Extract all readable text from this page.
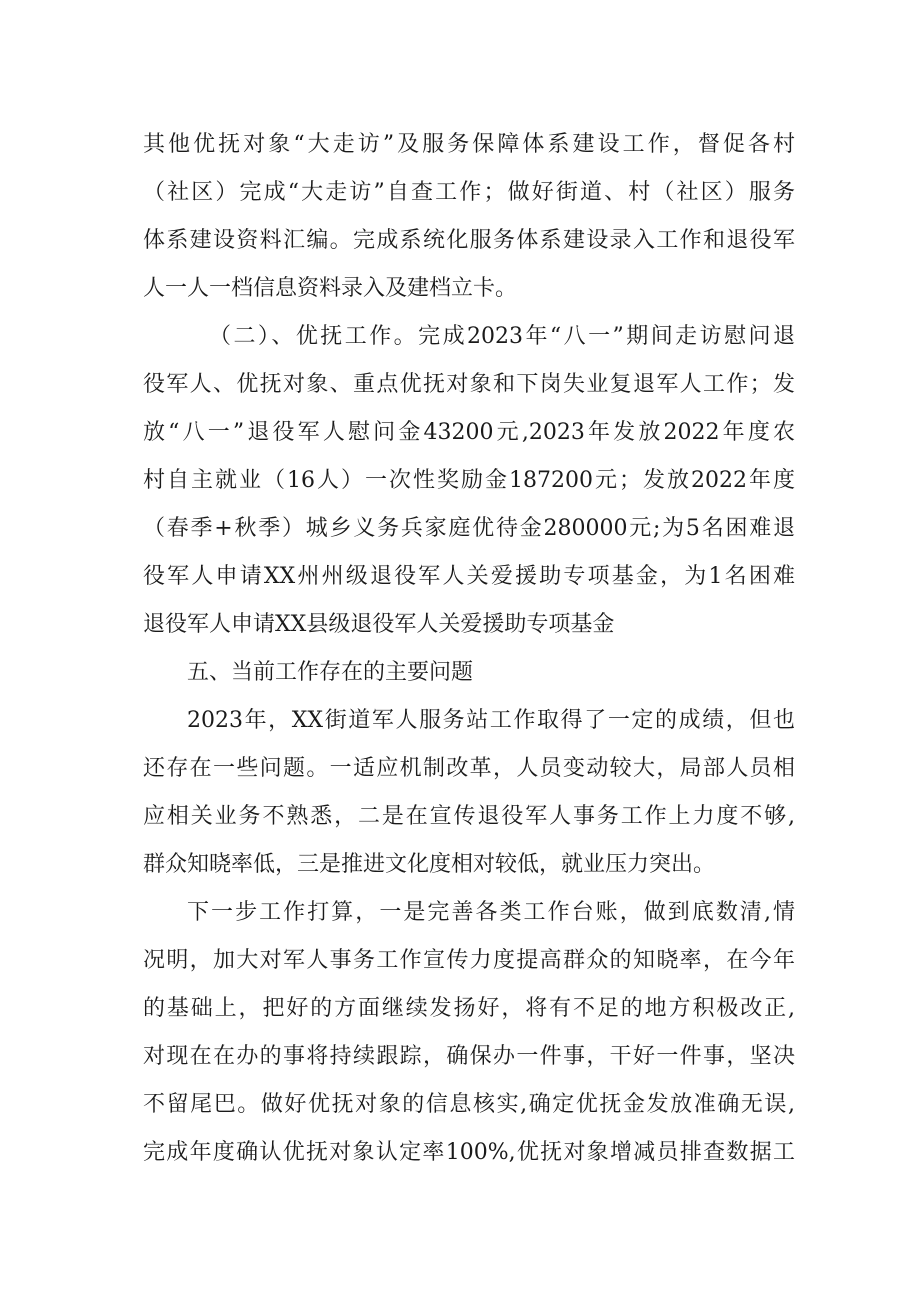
其他优抚对象“大走访”及服务保障体系建设工作，督促各村
（社区）完成“大走访”自查工作；做好街道、村（社区）服务
体系建设资料汇编。完成系统化服务体系建设录入工作和退役军
人一人一档信息资料录入及建档立卡。
（二）、优抚工作。完成2023年“八一”期间走访慰问退
役军人、优抚对象、重点优抚对象和下岗失业复退军人工作；发
放“八一”退役军人慰问金43200元,2023年发放2022年度农
村自主就业（16人）一次性奖励金187200元；发放2022年度
（春季+秋季）城乡义务兵家庭优待金280000元;为5名困难退
役军人申请XX州州级退役军人关爱援助专项基金，为1名困难
退役军人申请XX县级退役军人关爱援助专项基金
五、当前工作存在的主要问题
2023年，XX街道军人服务站工作取得了一定的成绩，但也
还存在一些问题。一适应机制改革，人员变动较大，局部人员相
应相关业务不熟悉，二是在宣传退役军人事务工作上力度不够,
群众知晓率低，三是推进文化度相对较低，就业压力突出。
下一步工作打算，一是完善各类工作台账，做到底数清,情
况明，加大对军人事务工作宣传力度提高群众的知晓率，在今年
的基础上，把好的方面继续发扬好，将有不足的地方积极改正,
对现在在办的事将持续跟踪，确保办一件事，干好一件事，坚决
不留尾巴。做好优抚对象的信息核实,确定优抚金发放准确无误,
完成年度确认优抚对象认定率100%,优抚对象增减员排查数据工
